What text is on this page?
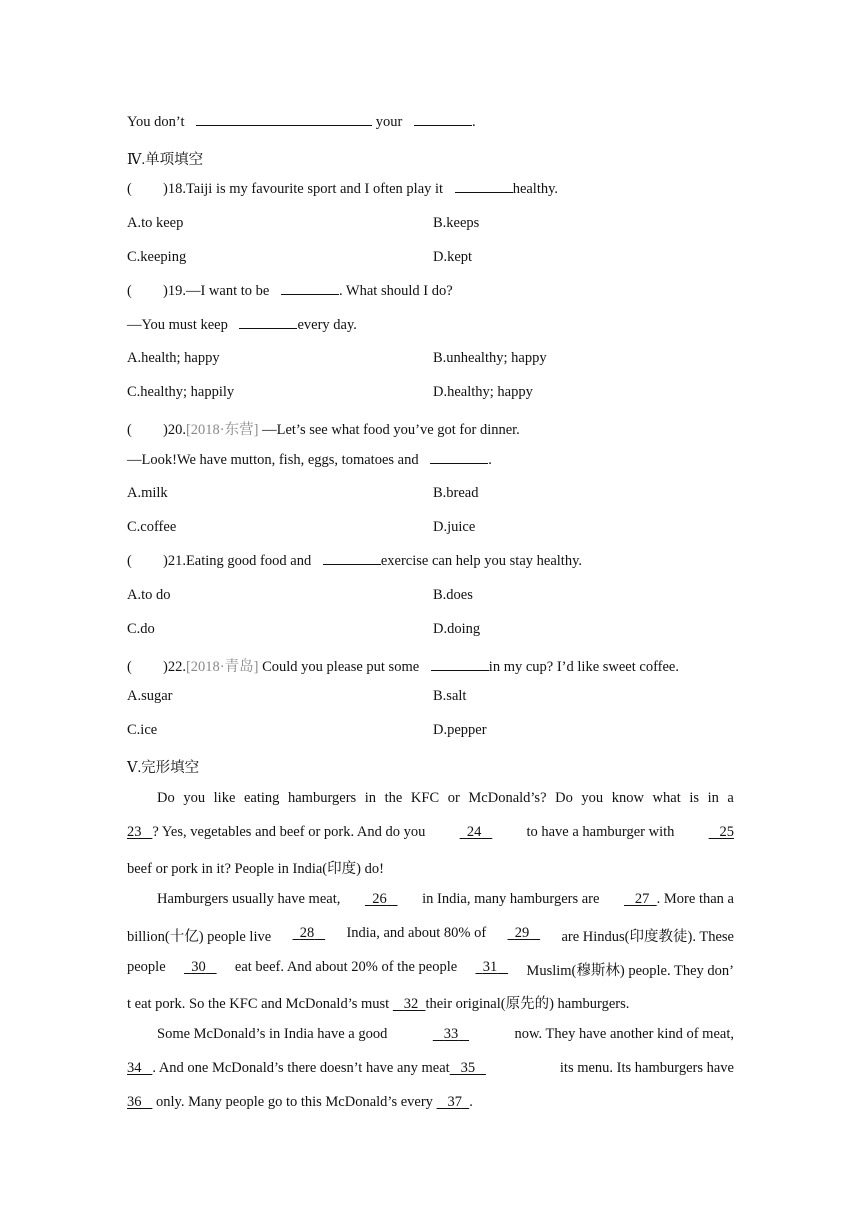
You don’t	your	.
Ⅳ.单项填空
( )18.Taiji is my favourite sport and I often play it	healthy.
A.to keep	B.keeps
C.keeping	D.kept
( )19.—I want to be	. What should I do?
—You must keep	every day.
A.health; happy	B.unhealthy; happy
C.healthy; happily	D.healthy; happy
( )20.[2018·东营] —Let’s see what food you’ve got for dinner.
—Look!We have mutton, fish, eggs, tomatoes and	.
A.milk	B.bread
C.coffee	D.juice
( )21.Eating good food and	exercise can help you stay healthy.
A.to do	B.does
C.do	D.doing
( )22.[2018·青岛] Could you please put some	in my cup? I’d like sweet coffee.
A.sugar	B.salt
C.ice	D.pepper
Ⅴ.完形填空
Do you like eating hamburgers in the KFC or McDonald’s? Do you know what is in a
23 ? Yes, vegetables and beef or pork. And do you	24	to have a hamburger with	25
beef or pork in it? People in India(印度) do!
Hamburgers usually have meat,	26	in India, many hamburgers are	27 . More than a
billion(十亿) people live	28	India, and about 80% of	29	are Hindus(印度教徒). These
people	30	eat beef. And about 20% of the people	31	Muslim(穆斯林) people. They don’
t eat pork. So the KFC and McDonald’s must 32 their original(原先的) hamburgers.
Some McDonald’s in India have a good	33	now. They have another kind of meat,
34 . And one McDonald’s there doesn’t have any meat 35	its menu. Its hamburgers have
36 only. Many people go to this McDonald’s every 37 .
